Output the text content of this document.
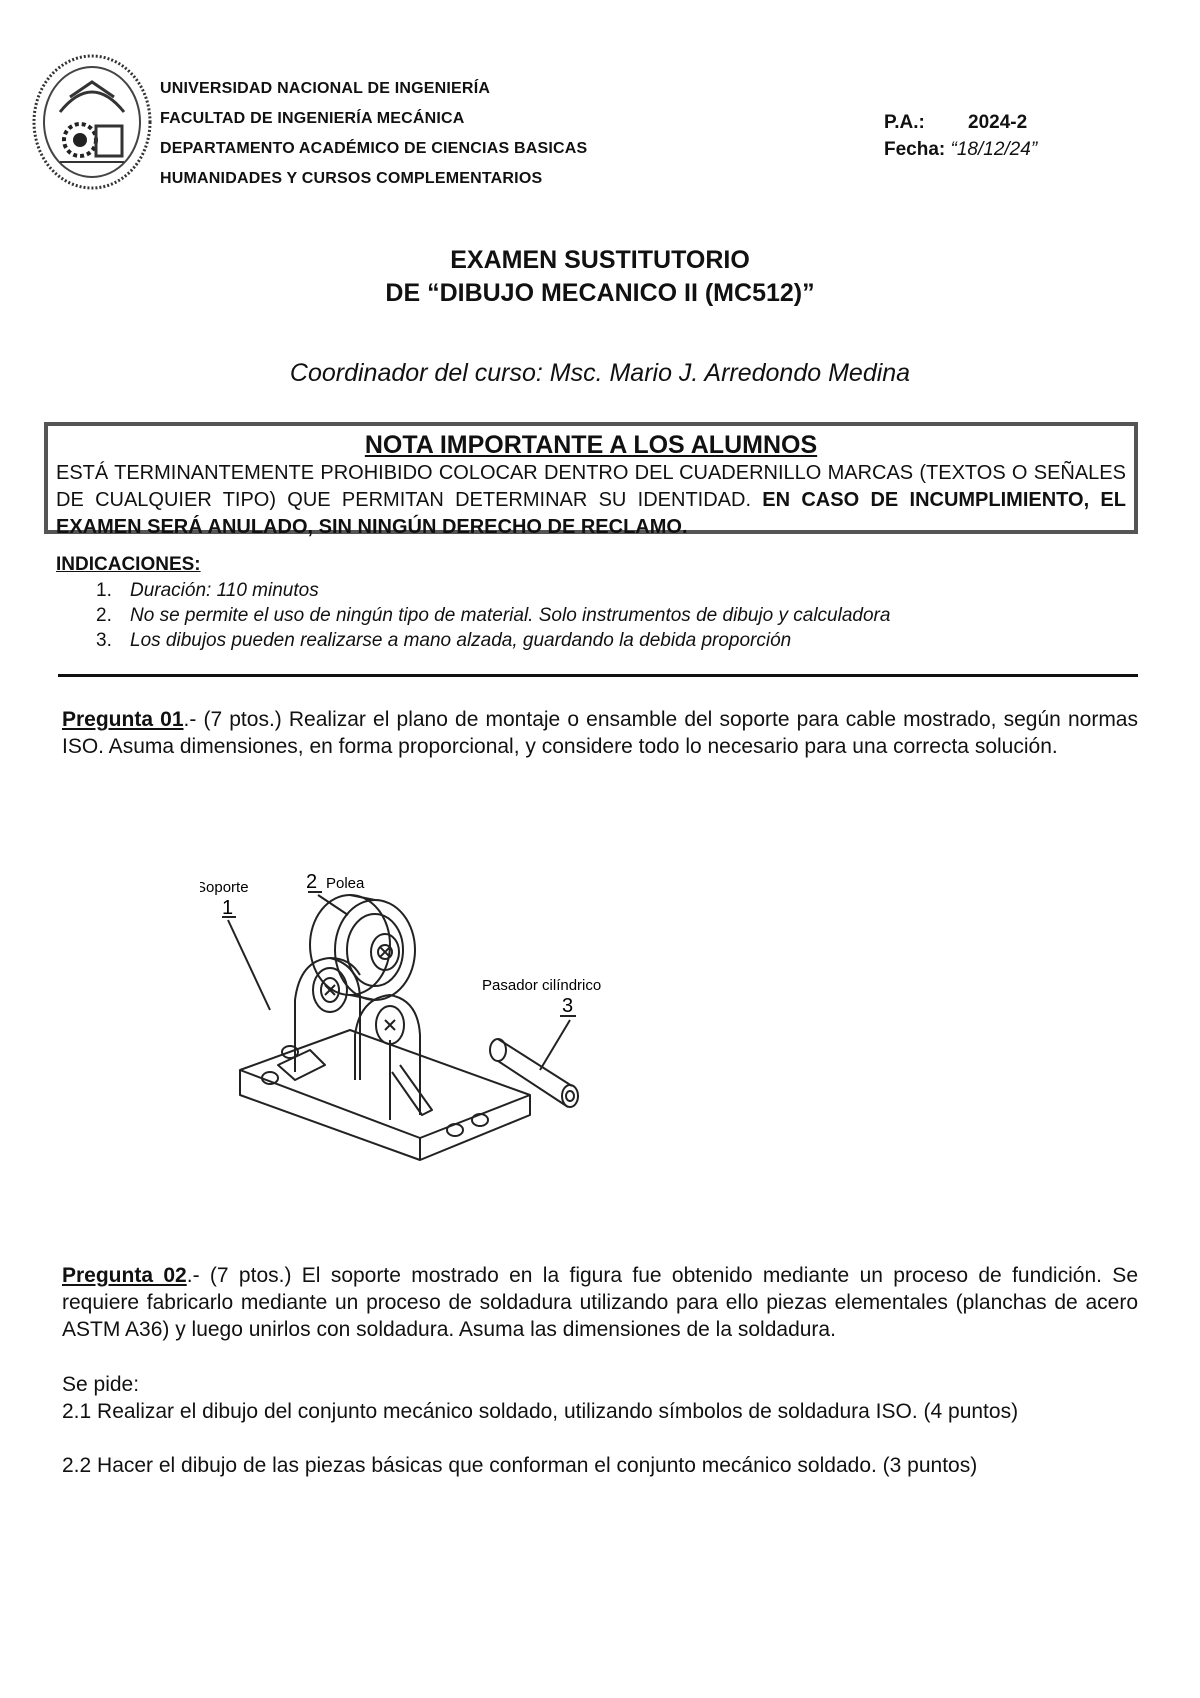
UNIVERSIDAD NACIONAL DE INGENIERÍA
FACULTAD DE INGENIERÍA MECÁNICA
DEPARTAMENTO ACADÉMICO DE CIENCIAS BASICAS
HUMANIDADES Y CURSOS COMPLEMENTARIOS
P.A.: 2024-2
Fecha: “18/12/24”
EXAMEN SUSTITUTORIO
DE “DIBUJO MECANICO II (MC512)”
Coordinador del curso: Msc. Mario J. Arredondo Medina
NOTA IMPORTANTE A LOS ALUMNOS
ESTÁ TERMINANTEMENTE PROHIBIDO COLOCAR DENTRO DEL CUADERNILLO MARCAS (TEXTOS O SEÑALES DE CUALQUIER TIPO) QUE PERMITAN DETERMINAR SU IDENTIDAD. EN CASO DE INCUMPLIMIENTO, EL EXAMEN SERÁ ANULADO, SIN NINGÚN DERECHO DE RECLAMO.
INDICACIONES:
1. Duración: 110 minutos
2. No se permite el uso de ningún tipo de material. Solo instrumentos de dibujo y calculadora
3. Los dibujos pueden realizarse a mano alzada, guardando la debida proporción
Pregunta 01.- (7 ptos.) Realizar el plano de montaje o ensamble del soporte para cable mostrado, según normas ISO. Asuma dimensiones, en forma proporcional, y considere todo lo necesario para una correcta solución.
2 Polea
Soporte
1
Pasador cilíndrico
3
Pregunta 02.- (7 ptos.) El soporte mostrado en la figura fue obtenido mediante un proceso de fundición. Se requiere fabricarlo mediante un proceso de soldadura utilizando para ello piezas elementales (planchas de acero ASTM A36) y luego unirlos con soldadura. Asuma las dimensiones de la soldadura.
Se pide:
2.1 Realizar el dibujo del conjunto mecánico soldado, utilizando símbolos de soldadura ISO. (4 puntos)
2.2 Hacer el dibujo de las piezas básicas que conforman el conjunto mecánico soldado. (3 puntos)
